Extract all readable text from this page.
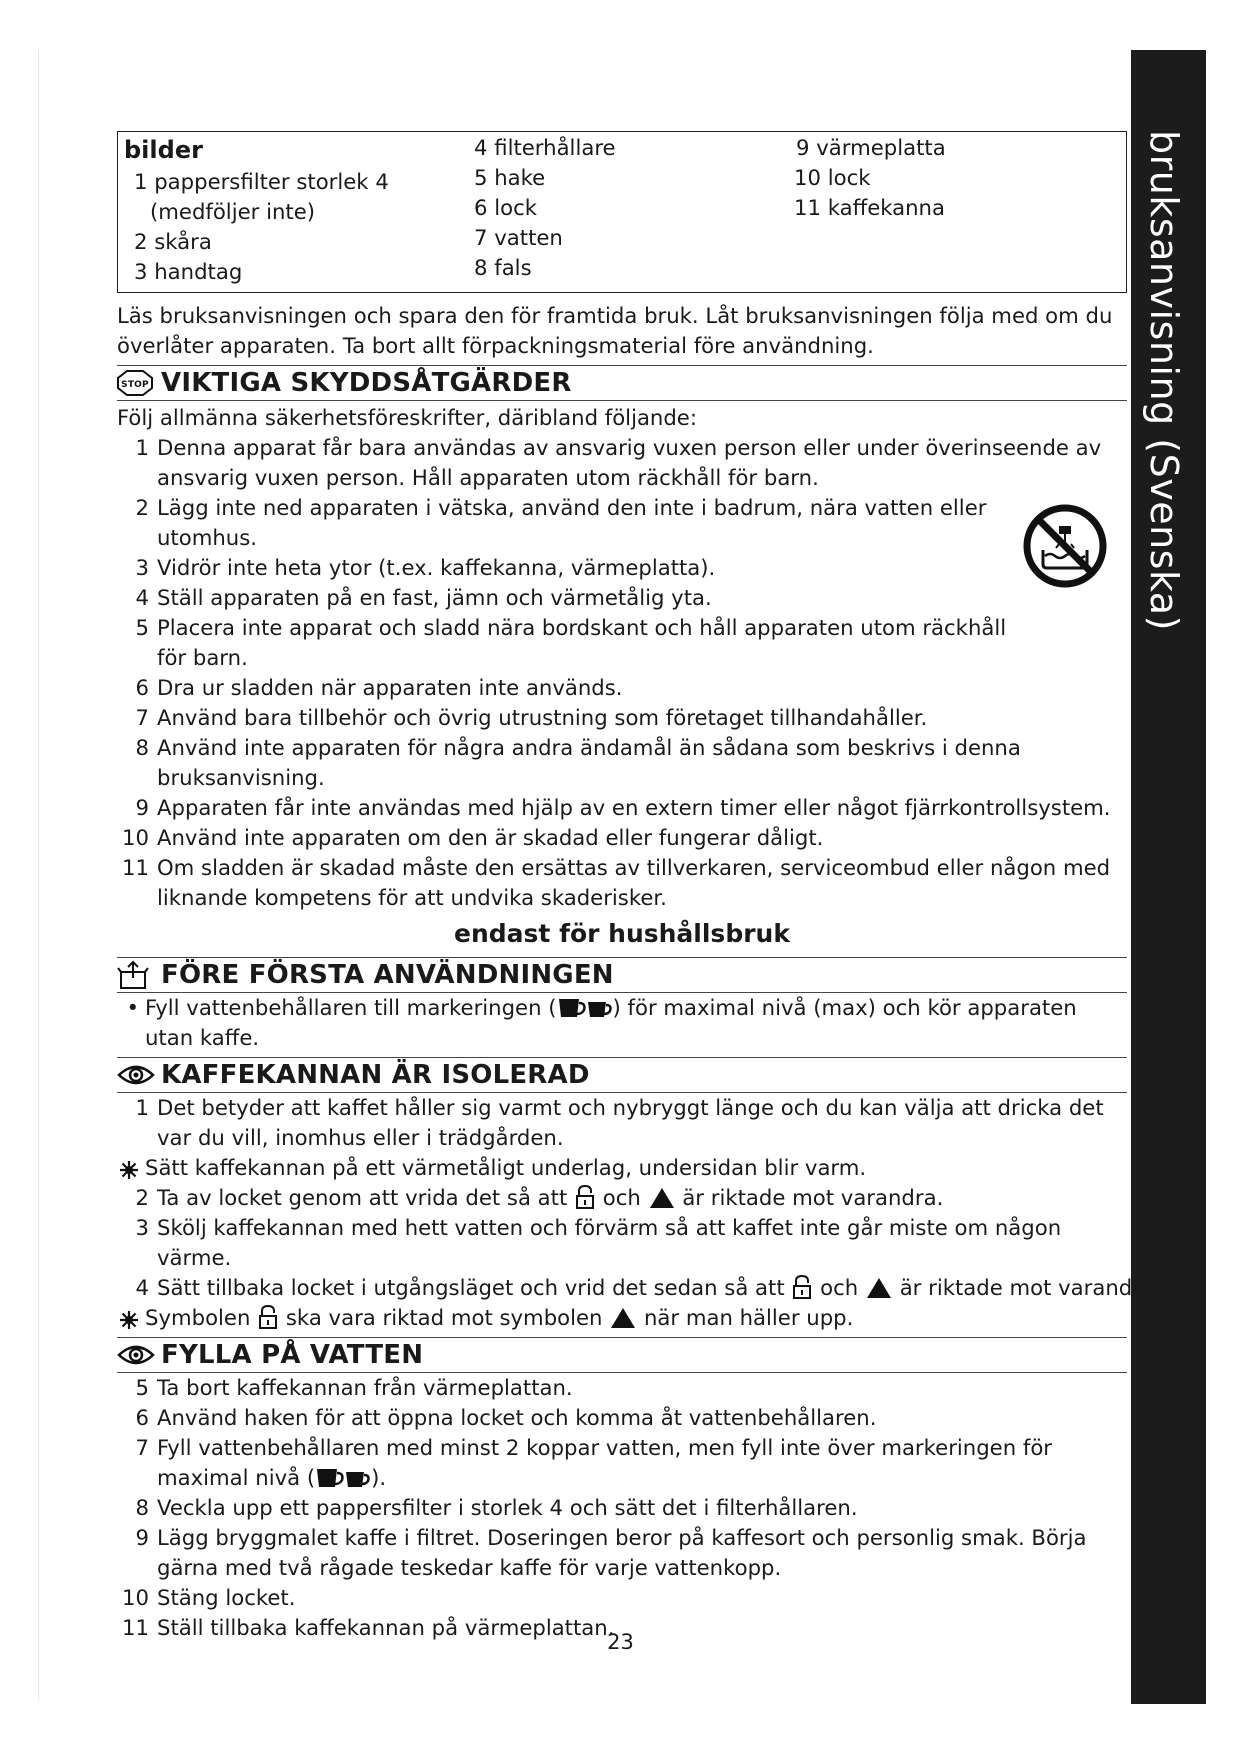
bruksanvisning (Svenska)
bilder
1 pappersfilter storlek 4
(medföljer inte)
2 skåra
3 handtag
4 filterhållare
5 hake
6 lock
7 vatten
8 fals
9 värmeplatta
10 lock
11 kaffekanna
Läs bruksanvisningen och spara den för framtida bruk. Låt bruksanvisningen följa med om du överlåter apparaten. Ta bort allt förpackningsmaterial före användning.
STOP VIKTIGA SKYDDSÅTGÄRDER
Följ allmänna säkerhetsföreskrifter, däribland följande:
1 Denna apparat får bara användas av ansvarig vuxen person eller under överinseende av ansvarig vuxen person. Håll apparaten utom räckhåll för barn.
2 Lägg inte ned apparaten i vätska, använd den inte i badrum, nära vatten eller utomhus.
3 Vidrör inte heta ytor (t.ex. kaffekanna, värmeplatta).
4 Ställ apparaten på en fast, jämn och värmetålig yta.
5 Placera inte apparat och sladd nära bordskant och håll apparaten utom räckhåll för barn.
6 Dra ur sladden när apparaten inte används.
7 Använd bara tillbehör och övrig utrustning som företaget tillhandahåller.
8 Använd inte apparaten för några andra ändamål än sådana som beskrivs i denna bruksanvisning.
9 Apparaten får inte användas med hjälp av en extern timer eller något fjärrkontrollsystem.
10 Använd inte apparaten om den är skadad eller fungerar dåligt.
11 Om sladden är skadad måste den ersättas av tillverkaren, serviceombud eller någon med liknande kompetens för att undvika skaderisker.
endast för hushållsbruk
FÖRE FÖRSTA ANVÄNDNINGEN
• Fyll vattenbehållaren till markeringen (	) för maximal nivå (max) och kör apparaten utan kaffe.
KAFFEKANNAN ÄR ISOLERAD
1 Det betyder att kaffet håller sig varmt och nybryggt länge och du kan välja att dricka det var du vill, inomhus eller i trädgården.
Sätt kaffekannan på ett värmetåligt underlag, undersidan blir varm.
2 Ta av locket genom att vrida det så att och är riktade mot varandra.
3 Skölj kaffekannan med hett vatten och förvärm så att kaffet inte går miste om någon värme.
4 Sätt tillbaka locket i utgångsläget och vrid det sedan så att och är riktade mot varandra.
Symbolen ska vara riktad mot symbolen när man häller upp.
FYLLA PÅ VATTEN
5 Ta bort kaffekannan från värmeplattan.
6 Använd haken för att öppna locket och komma åt vattenbehållaren.
7 Fyll vattenbehållaren med minst 2 koppar vatten, men fyll inte över markeringen för maximal nivå (	).
8 Veckla upp ett pappersfilter i storlek 4 och sätt det i filterhållaren.
9 Lägg bryggmalet kaffe i filtret. Doseringen beror på kaffesort och personlig smak. Börja gärna med två rågade teskedar kaffe för varje vattenkopp.
10 Stäng locket.
11 Ställ tillbaka kaffekannan på värmeplattan.
23
